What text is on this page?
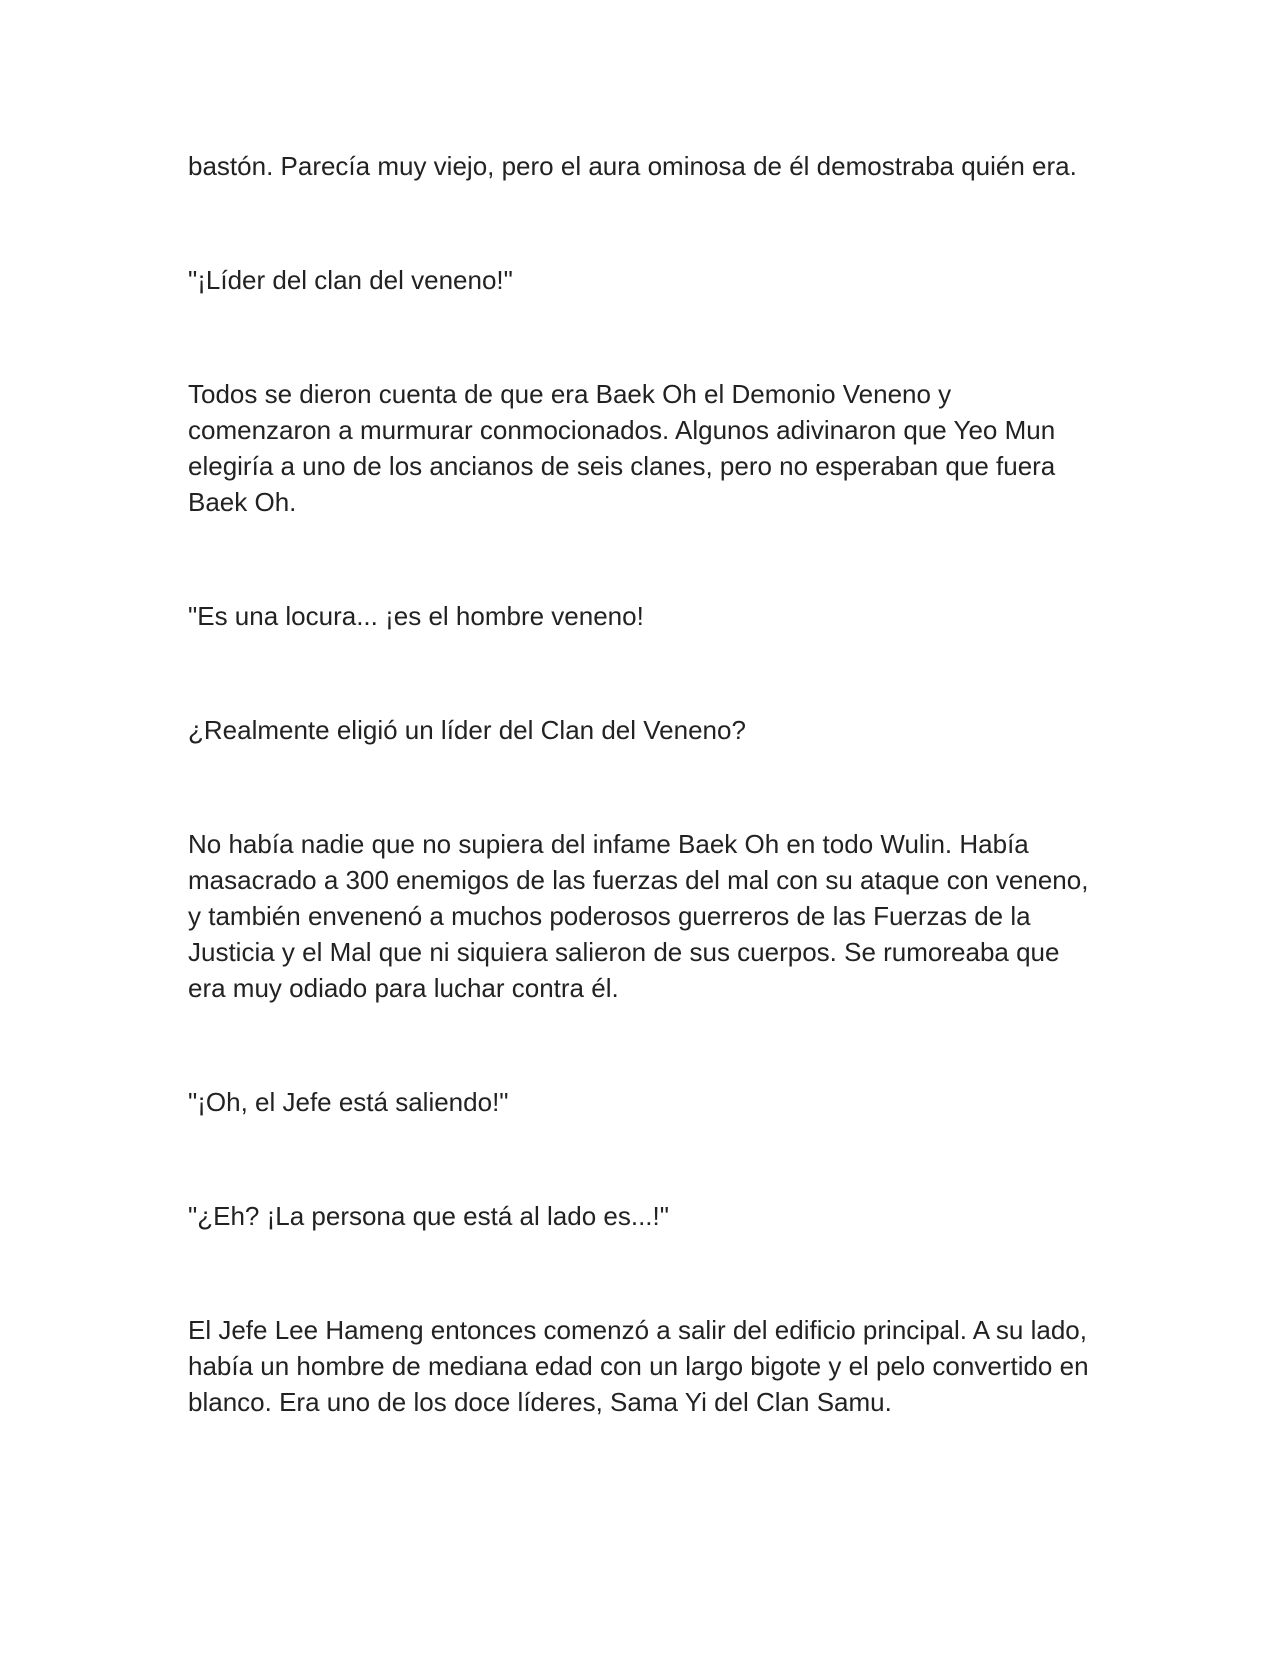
bastón. Parecía muy viejo, pero el aura ominosa de él demostraba quién era.

"¡Líder del clan del veneno!"

Todos se dieron cuenta de que era Baek Oh el Demonio Veneno y comenzaron a murmurar conmocionados. Algunos adivinaron que Yeo Mun elegiría a uno de los ancianos de seis clanes, pero no esperaban que fuera Baek Oh.

"Es una locura... ¡es el hombre veneno!

¿Realmente eligió un líder del Clan del Veneno?

No había nadie que no supiera del infame Baek Oh en todo Wulin. Había masacrado a 300 enemigos de las fuerzas del mal con su ataque con veneno, y también envenenó a muchos poderosos guerreros de las Fuerzas de la Justicia y el Mal que ni siquiera salieron de sus cuerpos. Se rumoreaba que era muy odiado para luchar contra él.

"¡Oh, el Jefe está saliendo!"

"¿Eh? ¡La persona que está al lado es...!"

El Jefe Lee Hameng entonces comenzó a salir del edificio principal. A su lado, había un hombre de mediana edad con un largo bigote y el pelo convertido en blanco. Era uno de los doce líderes, Sama Yi del Clan Samu.
